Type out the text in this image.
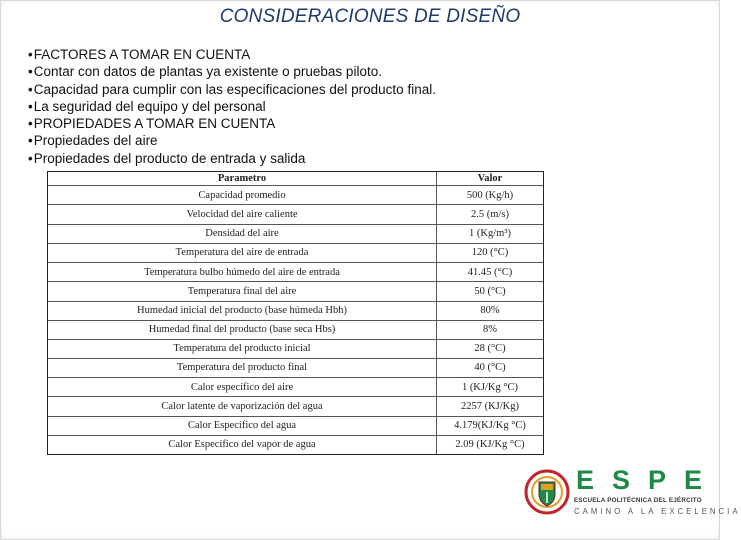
CONSIDERACIONES DE DISEÑO
• FACTORES A TOMAR EN CUENTA
• Contar con datos de plantas ya existente o pruebas piloto.
• Capacidad para cumplir con las especificaciones del producto final.
• La seguridad del equipo y del personal
• PROPIEDADES A TOMAR EN CUENTA
• Propiedades del aire
• Propiedades del producto de entrada y salida
Parametro	Valor
Capacidad promedio	500 (Kg/h)
Velocidad del aire caliente	2.5 (m/s)
Densidad del aire	1 (Kg/m³)
Temperatura del aire de entrada	120 (°C)
Temperatura bulbo húmedo del aire de entrada	41.45 (°C)
Temperatura final del aire	50 (°C)
Humedad inicial del producto (base húmeda Hbh)	80%
Humedad final del producto (base seca Hbs)	8%
Temperatura del producto inicial	28 (°C)
Temperatura del producto final	40 (°C)
Calor específico del aire	1 (KJ/Kg °C)
Calor latente de vaporización del agua	2257 (KJ/Kg)
Calor Específico del agua	4.179(KJ/Kg °C)
Calor Específico del vapor de agua	2.09 (KJ/Kg °C)
ESPE
ESCUELA POLITÉCNICA DEL EJÉRCITO
CAMINO A LA EXCELENCIA
